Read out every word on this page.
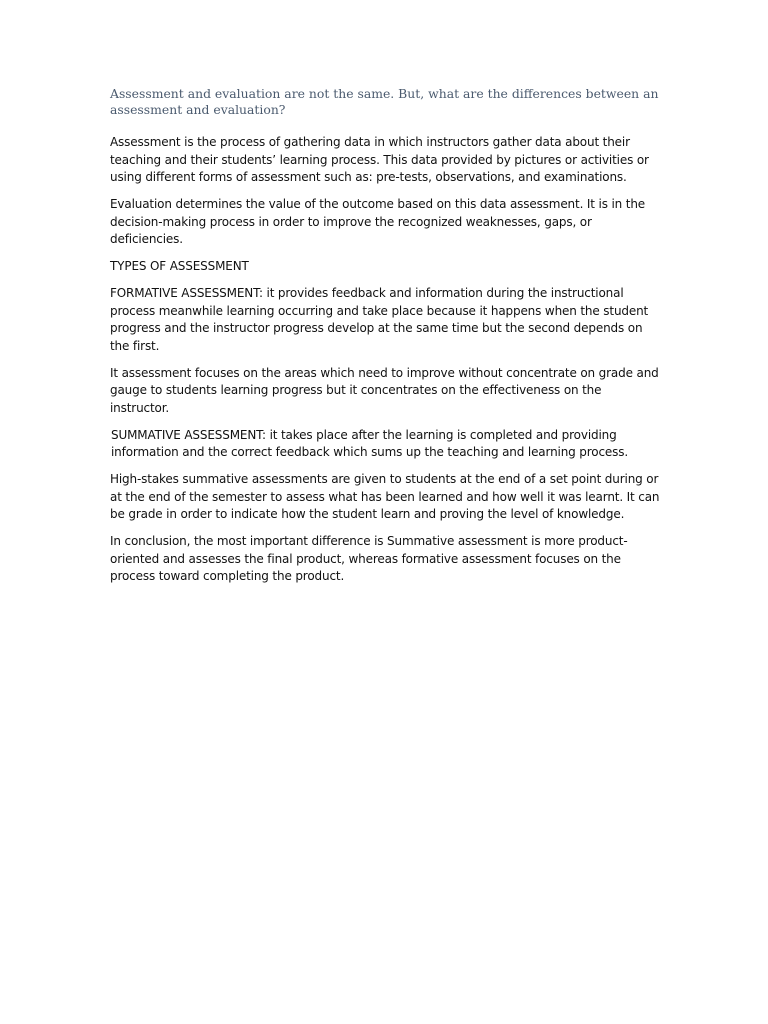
Assessment and evaluation are not the same. But, what are the differences between an assessment and evaluation?

Assessment is the process of gathering data in which instructors gather data about their teaching and their students’ learning process. This data provided by pictures or activities or using different forms of assessment such as: pre-tests, observations, and examinations.

Evaluation determines the value of the outcome based on this data assessment. It is in the decision-making process in order to improve the recognized weaknesses, gaps, or deficiencies.

TYPES OF ASSESSMENT

FORMATIVE ASSESSMENT: it provides feedback and information during the instructional process meanwhile learning occurring and take place because it happens when the student progress and the instructor progress develop at the same time but the second depends on the first.

It assessment focuses on the areas which need to improve without concentrate on grade and gauge to students learning progress but it concentrates on the effectiveness on the instructor.

SUMMATIVE ASSESSMENT: it takes place after the learning is completed and providing information and the correct feedback which sums up the teaching and learning process.

High-stakes summative assessments are given to students at the end of a set point during or at the end of the semester to assess what has been learned and how well it was learnt. It can be grade in order to indicate how the student learn and proving the level of knowledge.

In conclusion, the most important difference is Summative assessment is more product-oriented and assesses the final product, whereas formative assessment focuses on the process toward completing the product.
